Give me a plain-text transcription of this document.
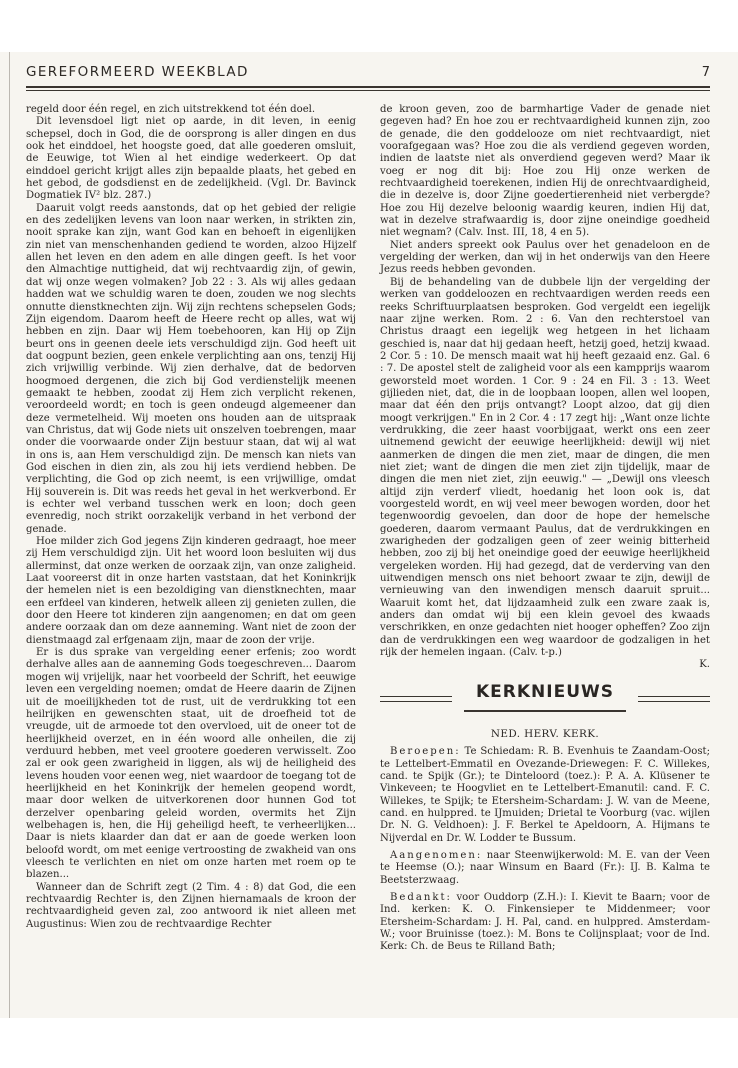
GEREFORMEERD WEEKBLAD	7

regeld door één regel, en zich uitstrekkend tot één doel.

Dit levensdoel ligt niet op aarde, in dit leven, in eenig schepsel, doch in God, die de oorsprong is aller dingen en dus ook het einddoel, het hoogste goed, dat alle goederen omsluit, de Eeuwige, tot Wien al het eindige wederkeert. Op dat einddoel gericht krijgt alles zijn bepaalde plaats, het gebed en het gebod, de godsdienst en de zedelijkheid. (Vgl. Dr. Bavinck Dogmatiek IV² blz. 287.)

Daaruit volgt reeds aanstonds, dat op het gebied der religie en des zedelijken levens van loon naar werken, in strikten zin, nooit sprake kan zijn, want God kan en behoeft in eigenlijken zin niet van menschenhanden gediend te worden, alzoo Hijzelf allen het leven en den adem en alle dingen geeft. Is het voor den Almachtige nuttigheid, dat wij rechtvaardig zijn, of gewin, dat wij onze wegen volmaken? Job 22 : 3. Als wij alles gedaan hadden wat we schuldig waren te doen, zouden we nog slechts onnutte dienstknechten zijn. Wij zijn rechtens schepselen Gods; Zijn eigendom. Daarom heeft de Heere recht op alles, wat wij hebben en zijn. Daar wij Hem toebehooren, kan Hij op Zijn beurt ons in geenen deele iets verschuldigd zijn. God heeft uit dat oogpunt bezien, geen enkele verplichting aan ons, tenzij Hij zich vrijwillig verbinde. Wij zien derhalve, dat de bedorven hoogmoed dergenen, die zich bij God verdienstelijk meenen gemaakt te hebben, zoodat zij Hem zich verplicht rekenen, veroordeeld wordt; en toch is geen ondeugd algemeener dan deze vermetelheid. Wij moeten ons houden aan de uitspraak van Christus, dat wij Gode niets uit onszelven toebrengen, maar onder die voorwaarde onder Zijn bestuur staan, dat wij al wat in ons is, aan Hem verschuldigd zijn. De mensch kan niets van God eischen in dien zin, als zou hij iets verdiend hebben. De verplichting, die God op zich neemt, is een vrijwillige, omdat Hij souverein is. Dit was reeds het geval in het werkverbond. Er is echter wel verband tusschen werk en loon; doch geen evenredig, noch strikt oorzakelijk verband in het verbond der genade.

Hoe milder zich God jegens Zijn kinderen gedraagt, hoe meer zij Hem verschuldigd zijn. Uit het woord loon besluiten wij dus allerminst, dat onze werken de oorzaak zijn, van onze zaligheid. Laat vooreerst dit in onze harten vaststaan, dat het Koninkrijk der hemelen niet is een bezoldiging van dienstknechten, maar een erfdeel van kinderen, hetwelk alleen zij genieten zullen, die door den Heere tot kinderen zijn aangenomen; en dat om geen andere oorzaak dan om deze aanneming. Want niet de zoon der dienstmaagd zal erfgenaam zijn, maar de zoon der vrije.

Er is dus sprake van vergelding eener erfenis; zoo wordt derhalve alles aan de aanneming Gods toegeschreven... Daarom mogen wij vrijelijk, naar het voorbeeld der Schrift, het eeuwige leven een vergelding noemen; omdat de Heere daarin de Zijnen uit de moeilijkheden tot de rust, uit de verdrukking tot een heilrijken en gewenschten staat, uit de droefheid tot de vreugde, uit de armoede tot den overvloed, uit de oneer tot de heerlijkheid overzet, en in één woord alle onheilen, die zij verduurd hebben, met veel grootere goederen verwisselt. Zoo zal er ook geen zwarigheid in liggen, als wij de heiligheid des levens houden voor eenen weg, niet waardoor de toegang tot de heerlijkheid en het Koninkrijk der hemelen geopend wordt, maar door welken de uitverkorenen door hunnen God tot derzelver openbaring geleid worden, overmits het Zijn welbehagen is, hen, die Hij geheiligd heeft, te verheerlijken... Daar is niets klaarder dan dat er aan de goede werken loon beloofd wordt, om met eenige vertroosting de zwakheid van ons vleesch te verlichten en niet om onze harten met roem op te blazen...

Wanneer dan de Schrift zegt (2 Tim. 4 : 8) dat God, die een rechtvaardig Rechter is, den Zijnen hiernamaals de kroon der rechtvaardigheid geven zal, zoo antwoord ik niet alleen met Augustinus: Wien zou de rechtvaardige Rechter

de kroon geven, zoo de barmhartige Vader de genade niet gegeven had? En hoe zou er rechtvaardigheid kunnen zijn, zoo de genade, die den goddelooze om niet rechtvaardigt, niet voorafgegaan was? Hoe zou die als verdiend gegeven worden, indien de laatste niet als onverdiend gegeven werd? Maar ik voeg er nog dit bij: Hoe zou Hij onze werken de rechtvaardigheid toerekenen, indien Hij de onrechtvaardigheid, die in dezelve is, door Zijne goedertierenheid niet verbergde? Hoe zou Hij dezelve beloonig waardig keuren, indien Hij dat, wat in dezelve strafwaardig is, door zijne oneindige goedheid niet wegnam? (Calv. Inst. III, 18, 4 en 5).

Niet anders spreekt ook Paulus over het genadeloon en de vergelding der werken, dan wij in het onderwijs van den Heere Jezus reeds hebben gevonden.

Bij de behandeling van de dubbele lijn der vergelding der werken van goddeloozen en rechtvaardigen werden reeds een reeks Schriftuurplaatsen besproken. God vergeldt een iegelijk naar zijne werken. Rom. 2 : 6. Van den rechterstoel van Christus draagt een iegelijk weg hetgeen in het lichaam geschied is, naar dat hij gedaan heeft, hetzij goed, hetzij kwaad. 2 Cor. 5 : 10. De mensch maait wat hij heeft gezaaid enz. Gal. 6 : 7. De apostel stelt de zaligheid voor als een kampprijs waarom geworsteld moet worden. 1 Cor. 9 : 24 en Fil. 3 : 13. Weet gijlieden niet, dat, die in de loopbaan loopen, allen wel loopen, maar dat één den prijs ontvangt? Loopt alzoo, dat gij dien moogt verkrijgen." En in 2 Cor. 4 : 17 zegt hij: „Want onze lichte verdrukking, die zeer haast voorbijgaat, werkt ons een zeer uitnemend gewicht der eeuwige heerlijkheid: dewijl wij niet aanmerken de dingen die men ziet, maar de dingen, die men niet ziet; want de dingen die men ziet zijn tijdelijk, maar de dingen die men niet ziet, zijn eeuwig." — „Dewijl ons vleesch altijd zijn verderf vliedt, hoedanig het loon ook is, dat voorgesteld wordt, en wij veel meer bewogen worden, door het tegenwoordig gevoelen, dan door de hope der hemelsche goederen, daarom vermaant Paulus, dat de verdrukkingen en zwarigheden der godzaligen geen of zeer weinig bitterheid hebben, zoo zij bij het oneindige goed der eeuwige heerlijkheid vergeleken worden. Hij had gezegd, dat de verderving van den uitwendigen mensch ons niet behoort zwaar te zijn, dewijl de vernieuwing van den inwendigen mensch daaruit spruit... Waaruit komt het, dat lijdzaamheid zulk een zware zaak is, anders dan omdat wij bij een klein gevoel des kwaads verschrikken, en onze gedachten niet hooger opheffen? Zoo zijn dan de verdrukkingen een weg waardoor de godzaligen in het rijk der hemelen ingaan. (Calv. t-p.)

K.

KERKNIEUWS
NED. HERV. KERK.

Beroepen: Te Schiedam: R. B. Evenhuis te Zaandam-Oost; te Lettelbert-Emmatil en Ovezande-Driewegen: F. C. Willekes, cand. te Spijk (Gr.); te Dinteloord (toez.): P. A. A. Klüsener te Vinkeveen; te Hoogvliet en te Lettelbert-Emanutil: cand. F. C. Willekes, te Spijk; te Etersheim-Schardam: J. W. van de Meene, cand. en hulppred. te IJmuiden; Drietal te Voorburg (vac. wijlen Dr. N. G. Veldhoen): J. F. Berkel te Apeldoorn, A. Hijmans te Nijverdal en Dr. W. Lodder te Bussum.

Aangenomen: naar Steenwijkerwold: M. E. van der Veen te Heemse (O.); naar Winsum en Baard (Fr.): IJ. B. Kalma te Beetsterzwaag.

Bedankt: voor Ouddorp (Z.H.): I. Kievit te Baarn; voor de Ind. kerken: K. O. Finkensieper te Middenmeer; voor Etersheim-Schardam: J. H. Pal, cand. en hulppred. Amsterdam-W.; voor Bruinisse (toez.): M. Bons te Colijnsplaat; voor de Ind. Kerk: Ch. de Beus te Rilland Bath;
